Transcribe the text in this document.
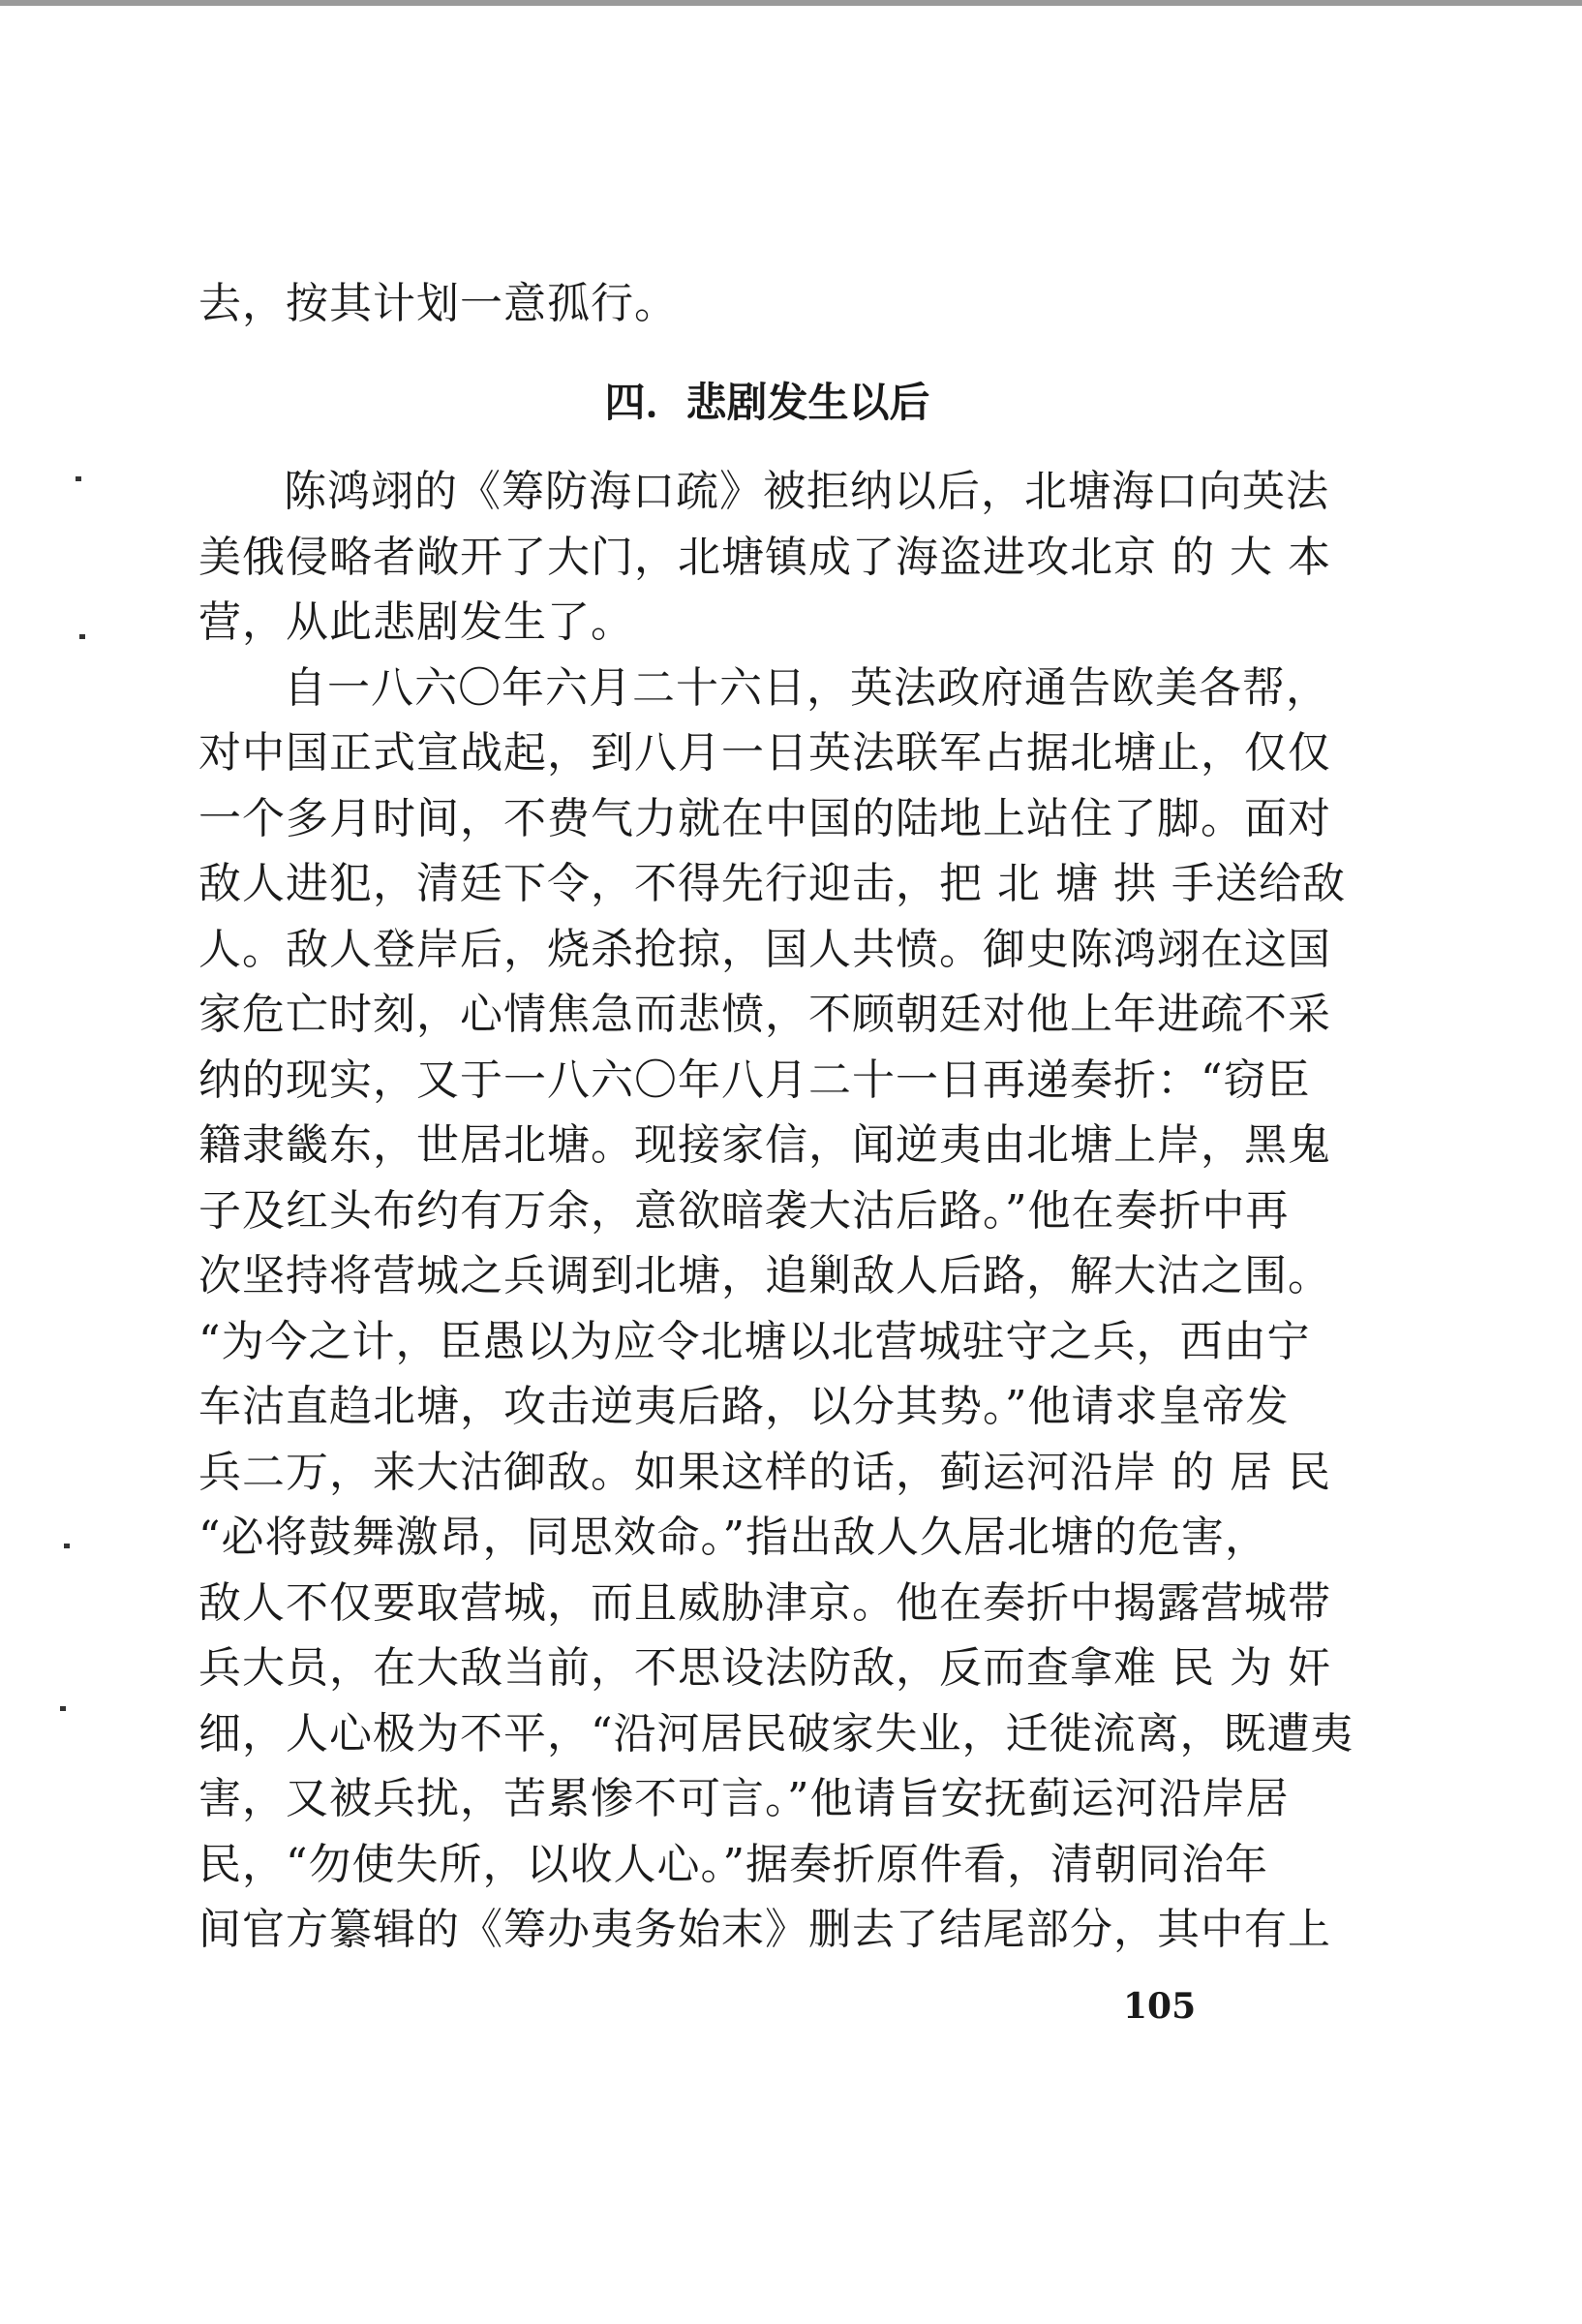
去，按其计划一意孤行。
四．悲剧发生以后
陈鸿翊的《筹防海口疏》被拒纳以后，北塘海口向英法
美俄侵略者敞开了大门，北塘镇成了海盗进攻北京 的 大 本
营，从此悲剧发生了。
自一八六〇年六月二十六日，英法政府通告欧美各帮，
对中国正式宣战起，到八月一日英法联军占据北塘止，仅仅
一个多月时间，不费气力就在中国的陆地上站住了脚。面对
敌人进犯，清廷下令，不得先行迎击，把 北 塘 拱 手送给敌
人。敌人登岸后，烧杀抢掠，国人共愤。御史陈鸿翊在这国
家危亡时刻，心情焦急而悲愤，不顾朝廷对他上年进疏不采
纳的现实，又于一八六〇年八月二十一日再递奏折：“窃臣
籍隶畿东，世居北塘。现接家信，闻逆夷由北塘上岸，黑鬼
子及红头布约有万余，意欲暗袭大沽后路。”他在奏折中再
次坚持将营城之兵调到北塘，追剿敌人后路，解大沽之围。
“为今之计，臣愚以为应令北塘以北营城驻守之兵，西由宁
车沽直趋北塘，攻击逆夷后路，以分其势。”他请求皇帝发
兵二万，来大沽御敌。如果这样的话，蓟运河沿岸 的 居 民
“必将鼓舞激昂，同思效命。”指出敌人久居北塘的危害，
敌人不仅要取营城，而且威胁津京。他在奏折中揭露营城带
兵大员，在大敌当前，不思设法防敌，反而查拿难 民 为 奸
细，人心极为不平，“沿河居民破家失业，迁徙流离，既遭夷
害，又被兵扰，苦累惨不可言。”他请旨安抚蓟运河沿岸居
民，“勿使失所，以收人心。”据奏折原件看，清朝同治年
间官方纂辑的《筹办夷务始末》删去了结尾部分，其中有上
105
